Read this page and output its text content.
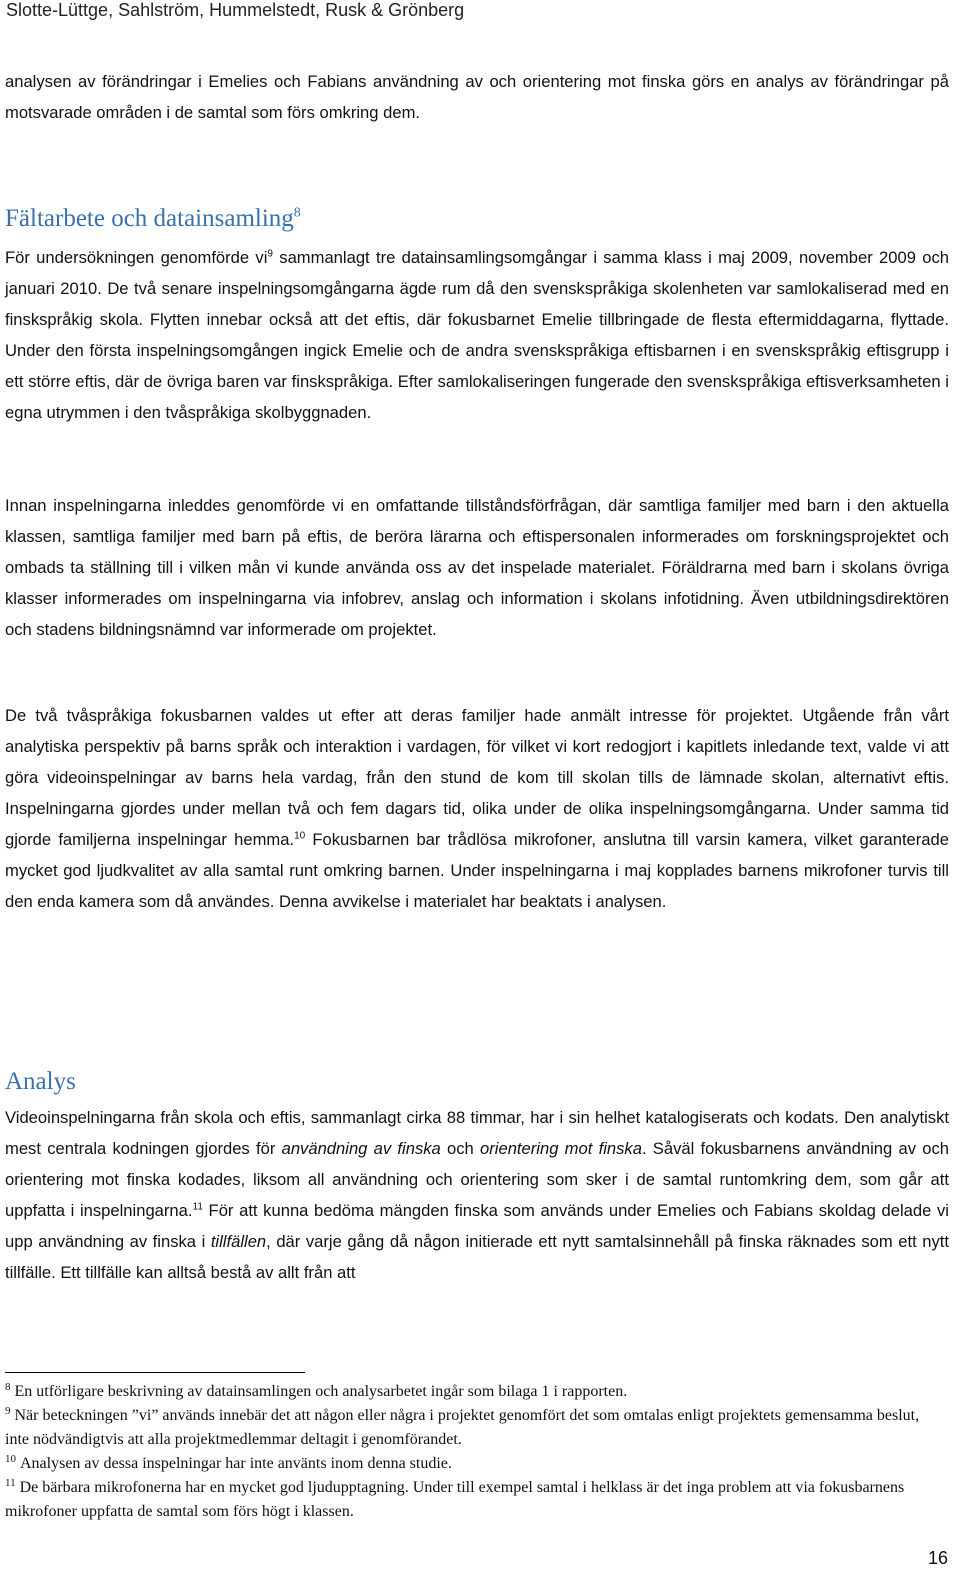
Slotte-Lüttge, Sahlström, Hummelstedt, Rusk & Grönberg

analysen av förändringar i Emelies och Fabians användning av och orientering mot finska görs en analys av förändringar på motsvarade områden i de samtal som förs omkring dem.

Fältarbete och datainsamling$^8$

För undersökningen genomförde $vi^9$ sammanlagt tre datainsamlingsomgångar i samma klass i maj 2009, november 2009 och januari 2010. De två senare inspelningsomgångarna ägde rum då den svenskspråkiga skolenheten var samlokaliserad med en finskspråkig skola. Flytten innebar också att det eftis, där fokusbarnet Emelie tillbringade de flesta eftermiddagarna, flyttade. Under den första inspelningsomgången ingick Emelie och de andra svenskspråkiga eftisbarnen i en svenskspråkig eftisgrupp i ett större eftis, där de övriga baren var finskspråkiga. Efter samlokaliseringen fungerade den svenskspråkiga eftisverksamheten i egna utrymmen i den tvåspråkiga skolbyggnaden.

Innan inspelningarna inleddes genomförde vi en omfattande tillståndsförfrågan, där samtliga familjer med barn i den aktuella klassen, samtliga familjer med barn på eftis, de beröra lärarna och eftispersonalen informerades om forskningsprojektet och ombads ta ställning till i vilken mån vi kunde använda oss av det inspelade materialet. Föräldrarna med barn i skolans övriga klasser informerades om inspelningarna via infobrev, anslag och information i skolans infotidning. Även utbildningsdirektören och stadens bildningsnämnd var informerade om projektet.

De två tvåspråkiga fokusbarnen valdes ut efter att deras familjer hade anmält intresse för projektet. Utgående från vårt analytiska perspektiv på barns språk och interaktion i vardagen, för vilket vi kort redogjort i kapitlets inledande text, valde vi att göra videoinspelningar av barns hela vardag, från den stund de kom till skolan tills de lämnade skolan, alternativt eftis. Inspelningarna gjordes under mellan två och fem dagars tid, olika under de olika inspelningsomgångarna. Under samma tid gjorde familjerna inspelningar hemma.$^{10}$ Fokusbarnen bar trådlösa mikrofoner, anslutna till varsin kamera, vilket garanterade mycket god ljudkvalitet av alla samtal runt omkring barnen. Under inspelningarna i maj kopplades barnens mikrofoner turvis till den enda kamera som då användes. Denna avvikelse i materialet har beaktats i analysen.

Analys

Videoinspelningarna från skola och eftis, sammanlagt cirka 88 timmar, har i sin helhet katalogiserats och kodats. Den analytiskt mest centrala kodningen gjordes för användning av finska och orientering mot finska. Såväl fokusbarnens användning av och orientering mot finska kodades, liksom all användning och orientering som sker i de samtal runtomkring dem, som går att uppfatta i inspelningarna.$^{11}$ För att kunna bedöma mängden finska som används under Emelies och Fabians skoldag delade vi upp användning av finska i tillfällen, där varje gång då någon initierade ett nytt samtalsinnehåll på finska räknades som ett nytt tillfälle. Ett tillfälle kan alltså bestå av allt från att

$^8$ En utförligare beskrivning av datainsamlingen och analysarbetet ingår som bilaga 1 i rapporten.

$^9$ När beteckningen ”vi” används innebär det att någon eller några i projektet genomfört det som omtalas enligt projektets gemensamma beslut, inte nödvändigtvis att alla projektmedlemmar deltagit i genomförandet.

$^{10}$ Analysen av dessa inspelningar har inte använts inom denna studie.

$^{11}$ De bärbara mikrofonerna har en mycket god ljudupptagning. Under till exempel samtal i helklass är det inga problem att via fokusbarnens mikrofoner uppfatta de samtal som förs högt i klassen.

16
